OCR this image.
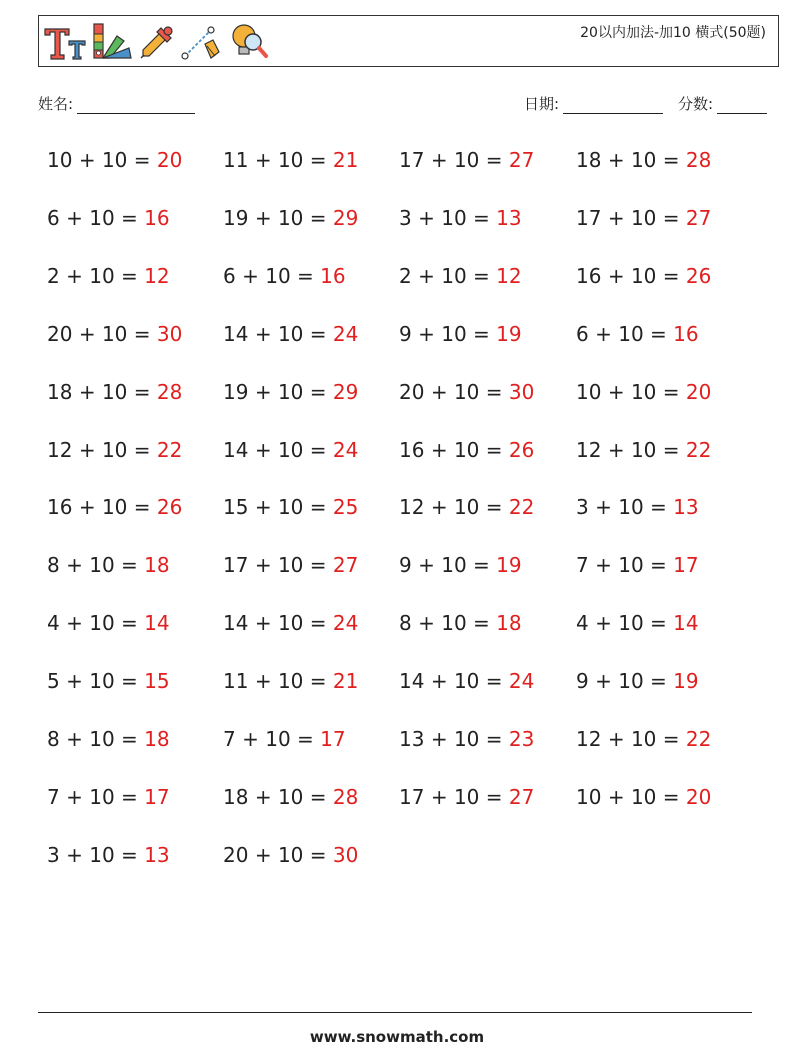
20以内加法-加10 横式(50题)
姓名:	日期:	分数:
10 + 10 = 20
6 + 10 = 16
2 + 10 = 12
20 + 10 = 30
18 + 10 = 28
12 + 10 = 22
16 + 10 = 26
8 + 10 = 18
4 + 10 = 14
5 + 10 = 15
8 + 10 = 18
7 + 10 = 17
3 + 10 = 13
11 + 10 = 21
19 + 10 = 29
6 + 10 = 16
14 + 10 = 24
19 + 10 = 29
14 + 10 = 24
15 + 10 = 25
17 + 10 = 27
14 + 10 = 24
11 + 10 = 21
7 + 10 = 17
18 + 10 = 28
20 + 10 = 30
17 + 10 = 27
3 + 10 = 13
2 + 10 = 12
9 + 10 = 19
20 + 10 = 30
16 + 10 = 26
12 + 10 = 22
9 + 10 = 19
8 + 10 = 18
14 + 10 = 24
13 + 10 = 23
17 + 10 = 27
18 + 10 = 28
17 + 10 = 27
16 + 10 = 26
6 + 10 = 16
10 + 10 = 20
12 + 10 = 22
3 + 10 = 13
7 + 10 = 17
4 + 10 = 14
9 + 10 = 19
12 + 10 = 22
10 + 10 = 20
www.snowmath.com
